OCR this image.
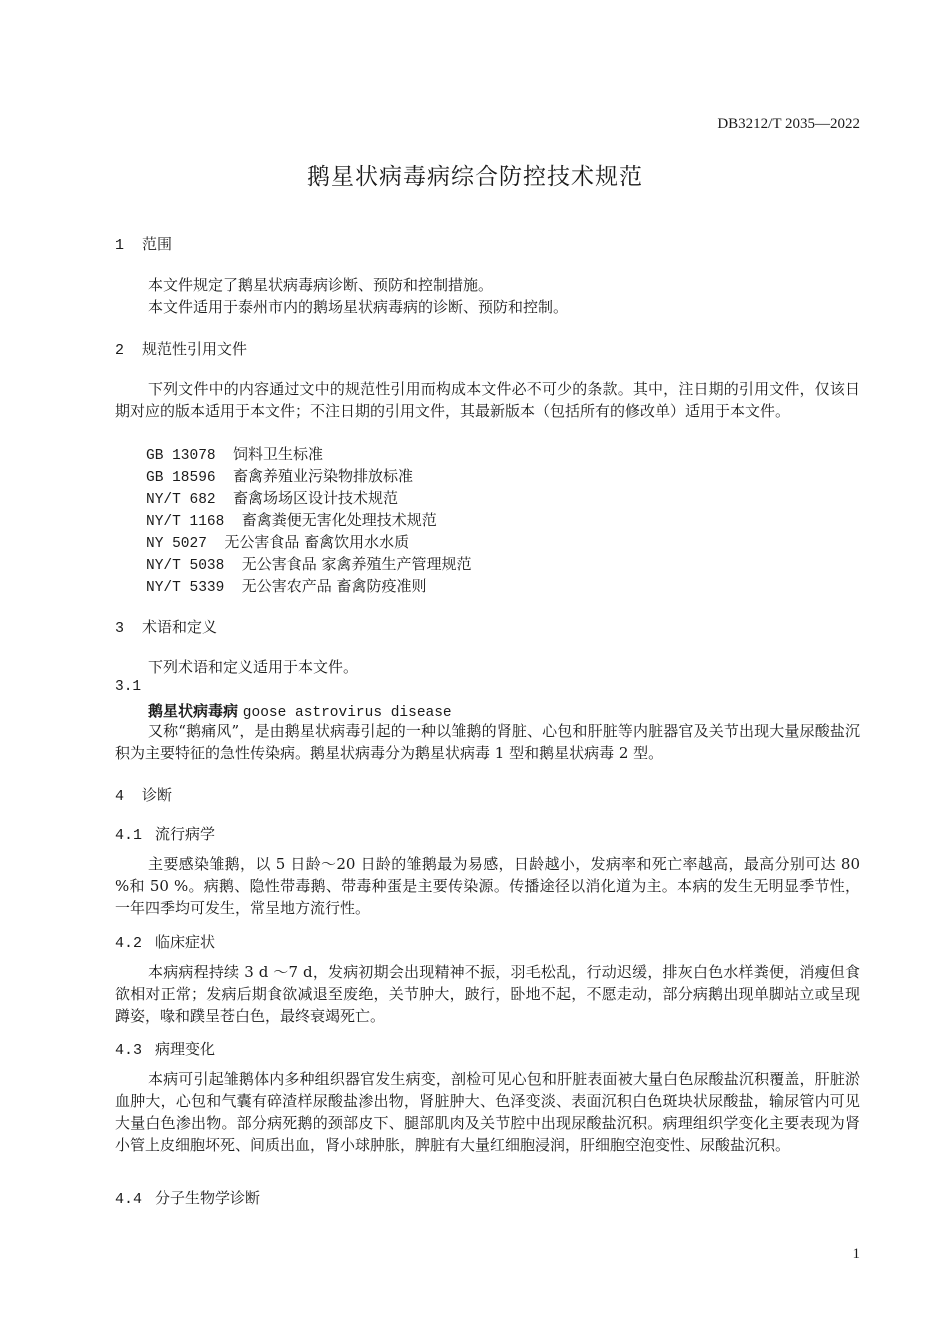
DB3212/T 2035—2022
鹅星状病毒病综合防控技术规范
1 范围
本文件规定了鹅星状病毒病诊断、预防和控制措施。
本文件适用于泰州市内的鹅场星状病毒病的诊断、预防和控制。
2 规范性引用文件
下列文件中的内容通过文中的规范性引用而构成本文件必不可少的条款。其中，注日期的引用文件，仅该日期对应的版本适用于本文件；不注日期的引用文件，其最新版本（包括所有的修改单）适用于本文件。
GB 13078 饲料卫生标准
GB 18596 畜禽养殖业污染物排放标准
NY/T 682 畜禽场场区设计技术规范
NY/T 1168 畜禽粪便无害化处理技术规范
NY 5027 无公害食品 畜禽饮用水水质
NY/T 5038 无公害食品 家禽养殖生产管理规范
NY/T 5339 无公害农产品 畜禽防疫准则
3 术语和定义
下列术语和定义适用于本文件。
3.1
鹅星状病毒病 goose astrovirus disease
又称“鹅痛风”，是由鹅星状病毒引起的一种以雏鹅的肾脏、心包和肝脏等内脏器官及关节出现大量尿酸盐沉积为主要特征的急性传染病。鹅星状病毒分为鹅星状病毒 1 型和鹅星状病毒 2 型。
4 诊断
4.1 流行病学
主要感染雏鹅，以 5 日龄～20 日龄的雏鹅最为易感，日龄越小，发病率和死亡率越高，最高分别可达 80 %和 50 %。病鹅、隐性带毒鹅、带毒种蛋是主要传染源。传播途径以消化道为主。本病的发生无明显季节性，一年四季均可发生，常呈地方流行性。
4.2 临床症状
本病病程持续 3 d ～7 d，发病初期会出现精神不振，羽毛松乱，行动迟缓，排灰白色水样粪便，消瘦但食欲相对正常；发病后期食欲减退至废绝，关节肿大，跛行，卧地不起，不愿走动，部分病鹅出现单脚站立或呈现蹲姿，喙和蹼呈苍白色，最终衰竭死亡。
4.3 病理变化
本病可引起雏鹅体内多种组织器官发生病变，剖检可见心包和肝脏表面被大量白色尿酸盐沉积覆盖，肝脏淤血肿大，心包和气囊有碎渣样尿酸盐渗出物，肾脏肿大、色泽变淡、表面沉积白色斑块状尿酸盐，输尿管内可见大量白色渗出物。部分病死鹅的颈部皮下、腿部肌肉及关节腔中出现尿酸盐沉积。病理组织学变化主要表现为肾小管上皮细胞坏死、间质出血，肾小球肿胀，脾脏有大量红细胞浸润，肝细胞空泡变性、尿酸盐沉积。
4.4 分子生物学诊断
1
